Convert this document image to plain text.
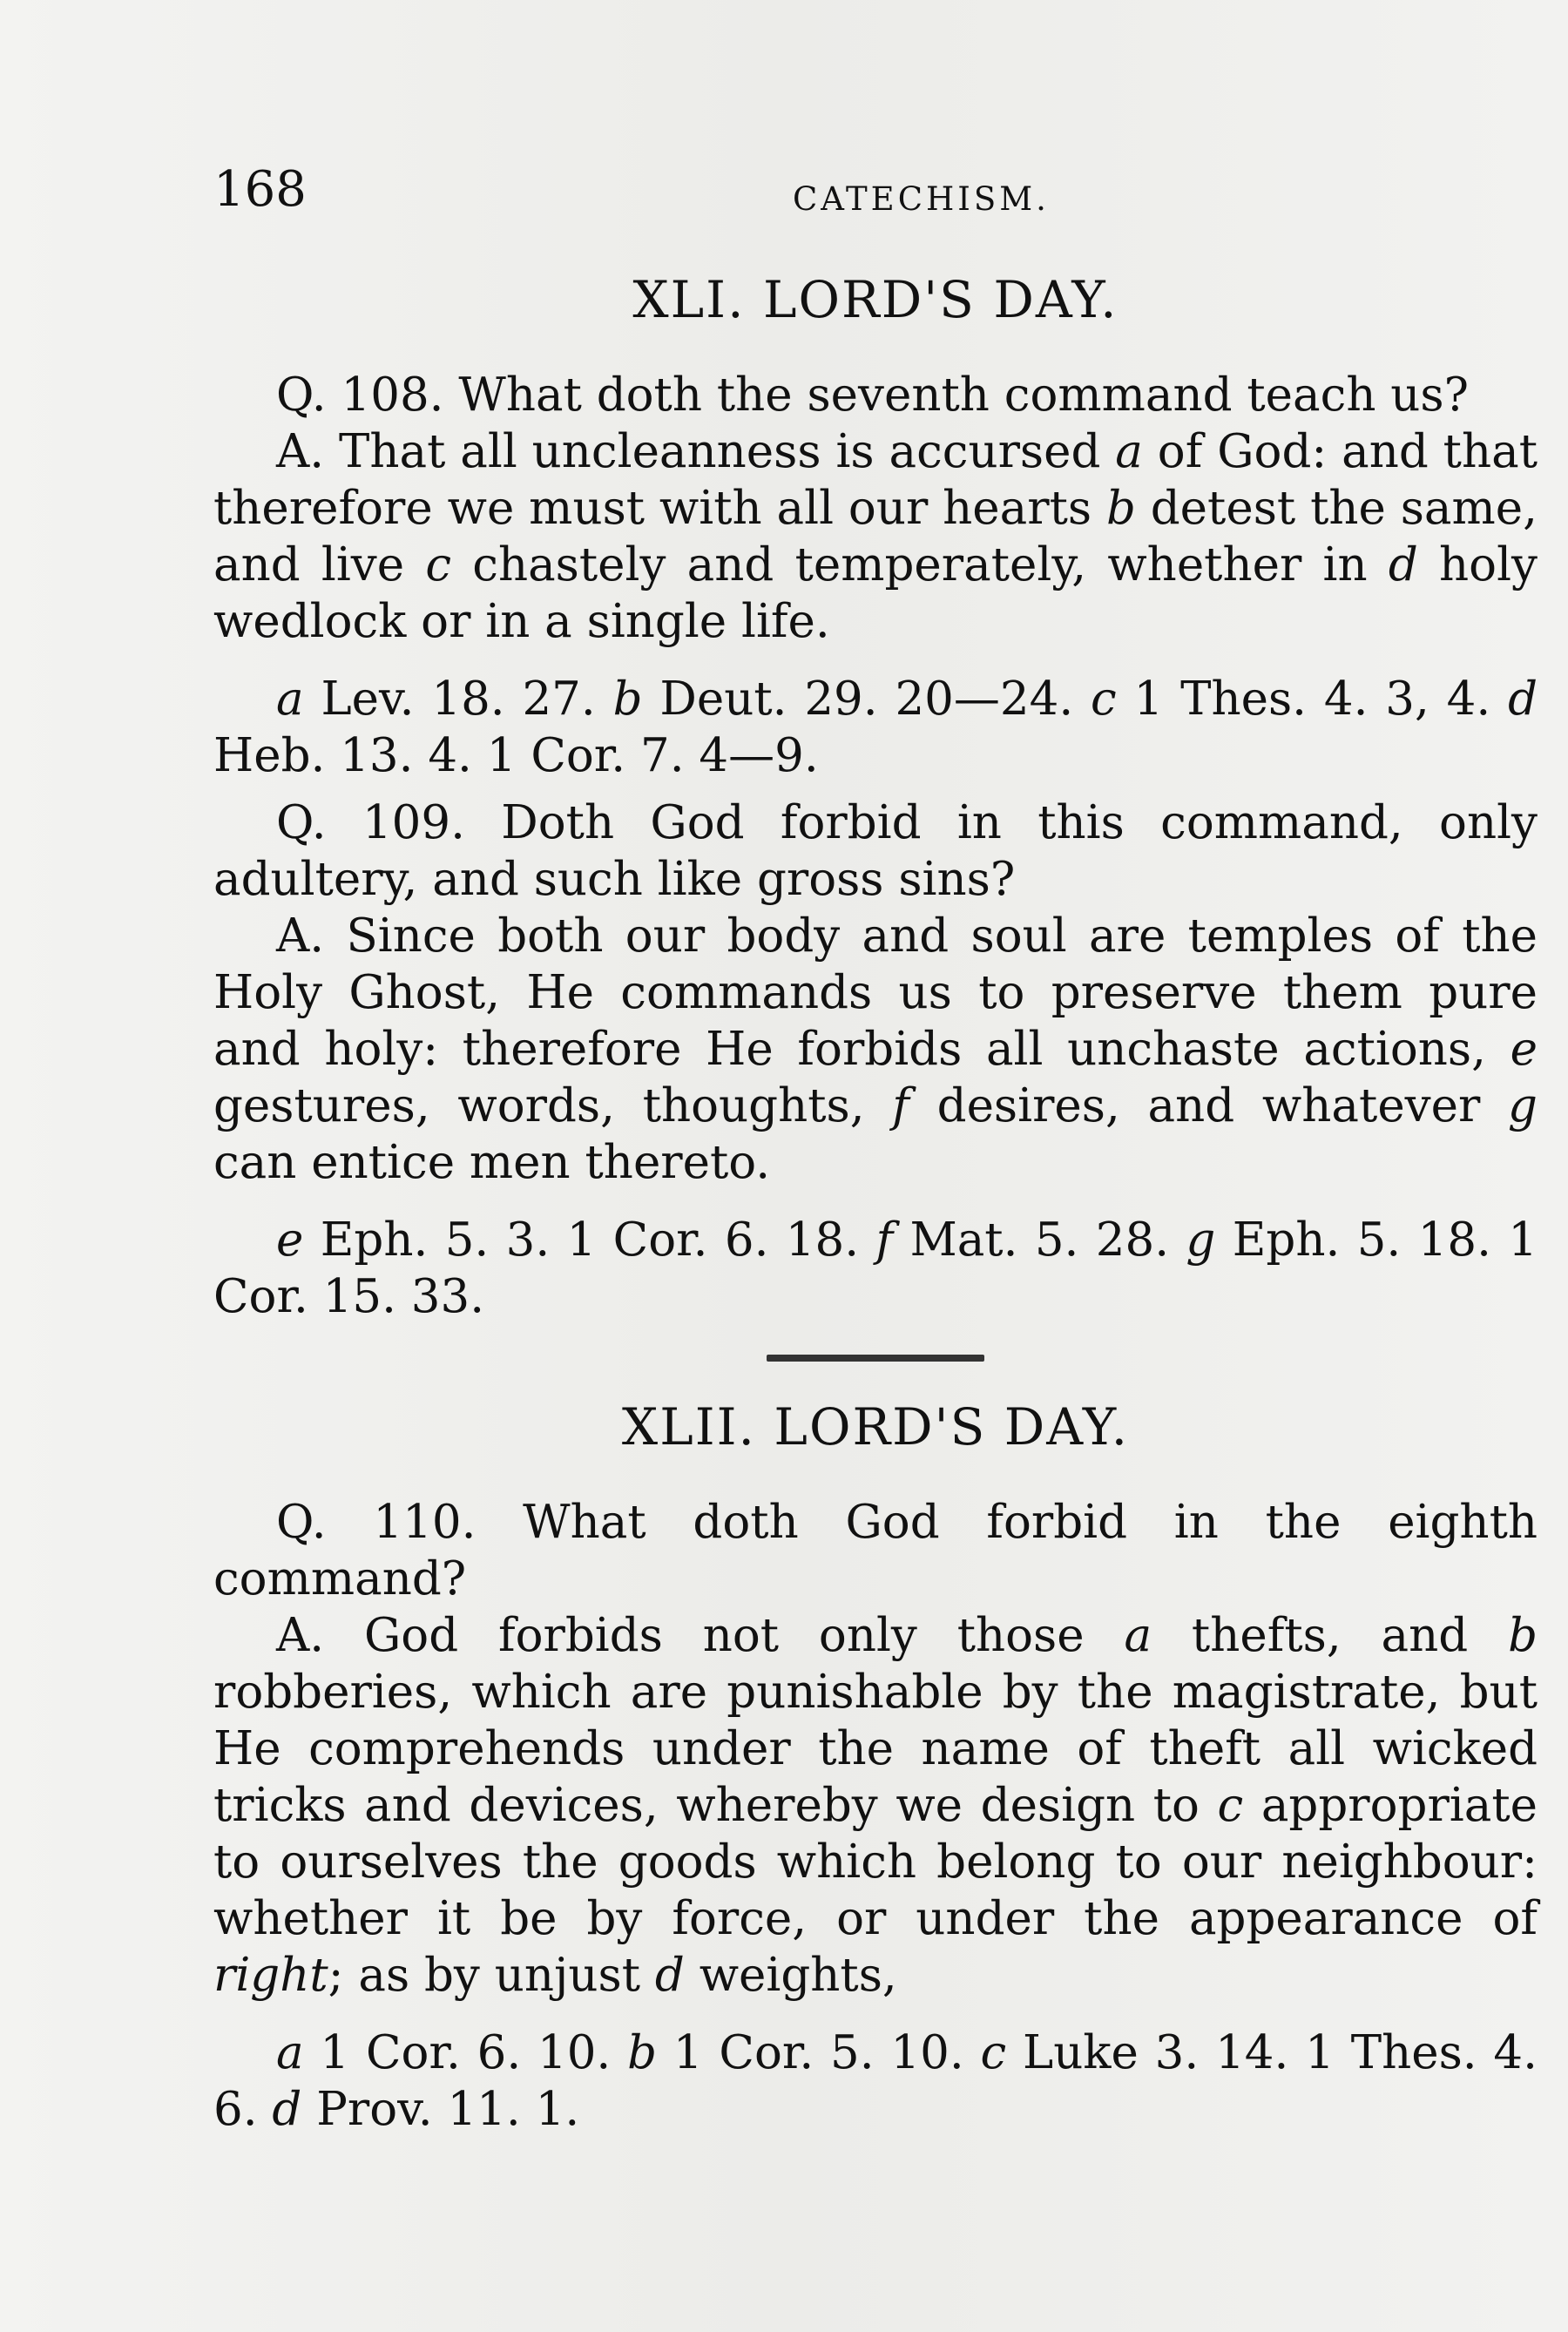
168	CATECHISM.
XLI. LORD'S DAY.

Q. 108. What doth the seventh command teach us?

A. That all uncleanness is accursed a of God: and that therefore we must with all our hearts b detest the same, and live c chastely and temperately, whether in d holy wedlock or in a single life.

a Lev. 18. 27. b Deut. 29. 20—24. c 1 Thes. 4. 3, 4. d Heb. 13. 4. 1 Cor. 7. 4—9.

Q. 109. Doth God forbid in this command, only adultery, and such like gross sins?

A. Since both our body and soul are temples of the Holy Ghost, He commands us to preserve them pure and holy: therefore He forbids all unchaste actions, e gestures, words, thoughts, f desires, and whatever g can entice men thereto.

e Eph. 5. 3. 1 Cor. 6. 18. f Mat. 5. 28. g Eph. 5. 18. 1 Cor. 15. 33.

XLII. LORD'S DAY.

Q. 110. What doth God forbid in the eighth command?

A. God forbids not only those a thefts, and b robberies, which are punishable by the magistrate, but He comprehends under the name of theft all wicked tricks and devices, whereby we design to c appropriate to ourselves the goods which belong to our neighbour: whether it be by force, or under the appearance of right; as by unjust d weights,

a 1 Cor. 6. 10. b 1 Cor. 5. 10. c Luke 3. 14. 1 Thes. 4. 6. d Prov. 11. 1.
